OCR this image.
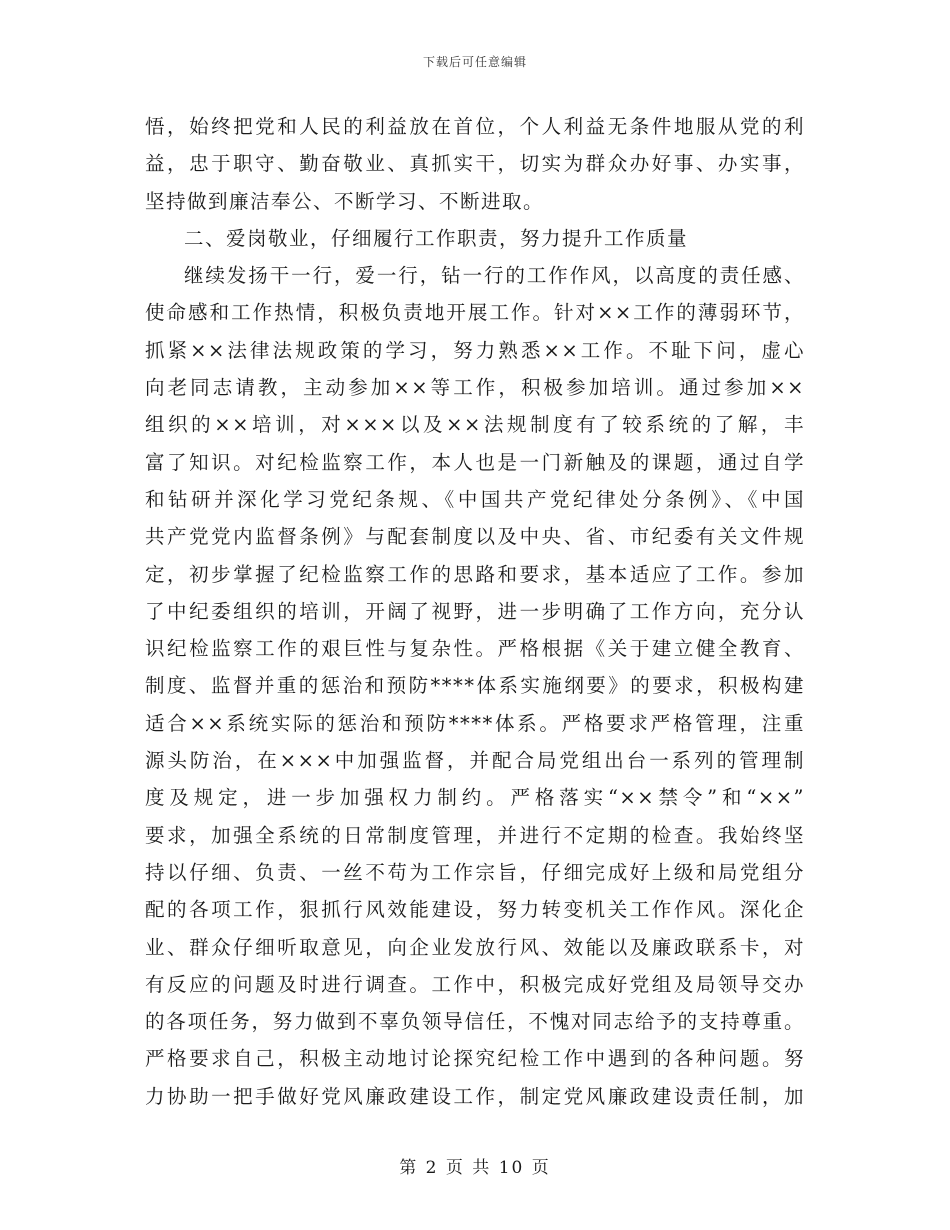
下载后可任意编辑
悟，始终把党和人民的利益放在首位，个人利益无条件地服从党的利
益，忠于职守、勤奋敬业、真抓实干，切实为群众办好事、办实事，
坚持做到廉洁奉公、不断学习、不断进取。
二、爱岗敬业，仔细履行工作职责，努力提升工作质量
继续发扬干一行，爱一行，钻一行的工作作风，以高度的责任感、
使命感和工作热情，积极负责地开展工作。针对××工作的薄弱环节，
抓紧××法律法规政策的学习，努力熟悉××工作。不耻下问，虚心
向老同志请教，主动参加××等工作，积极参加培训。通过参加××
组织的××培训，对×××以及××法规制度有了较系统的了解，丰
富了知识。对纪检监察工作，本人也是一门新触及的课题，通过自学
和钻研并深化学习党纪条规、《中国共产党纪律处分条例》、《中国
共产党党内监督条例》与配套制度以及中央、省、市纪委有关文件规
定，初步掌握了纪检监察工作的思路和要求，基本适应了工作。参加
了中纪委组织的培训，开阔了视野，进一步明确了工作方向，充分认
识纪检监察工作的艰巨性与复杂性。严格根据《关于建立健全教育、
制度、监督并重的惩治和预防****体系实施纲要》的要求，积极构建
适合××系统实际的惩治和预防****体系。严格要求严格管理，注重
源头防治，在×××中加强监督，并配合局党组出台一系列的管理制
度及规定，进一步加强权力制约。严格落实“××禁令”和“××”
要求，加强全系统的日常制度管理，并进行不定期的检查。我始终坚
持以仔细、负责、一丝不苟为工作宗旨，仔细完成好上级和局党组分
配的各项工作，狠抓行风效能建设，努力转变机关工作作风。深化企
业、群众仔细听取意见，向企业发放行风、效能以及廉政联系卡，对
有反应的问题及时进行调查。工作中，积极完成好党组及局领导交办
的各项任务，努力做到不辜负领导信任，不愧对同志给予的支持尊重。
严格要求自己，积极主动地讨论探究纪检工作中遇到的各种问题。努
力协助一把手做好党风廉政建设工作，制定党风廉政建设责任制，加
第 2 页 共 10 页
